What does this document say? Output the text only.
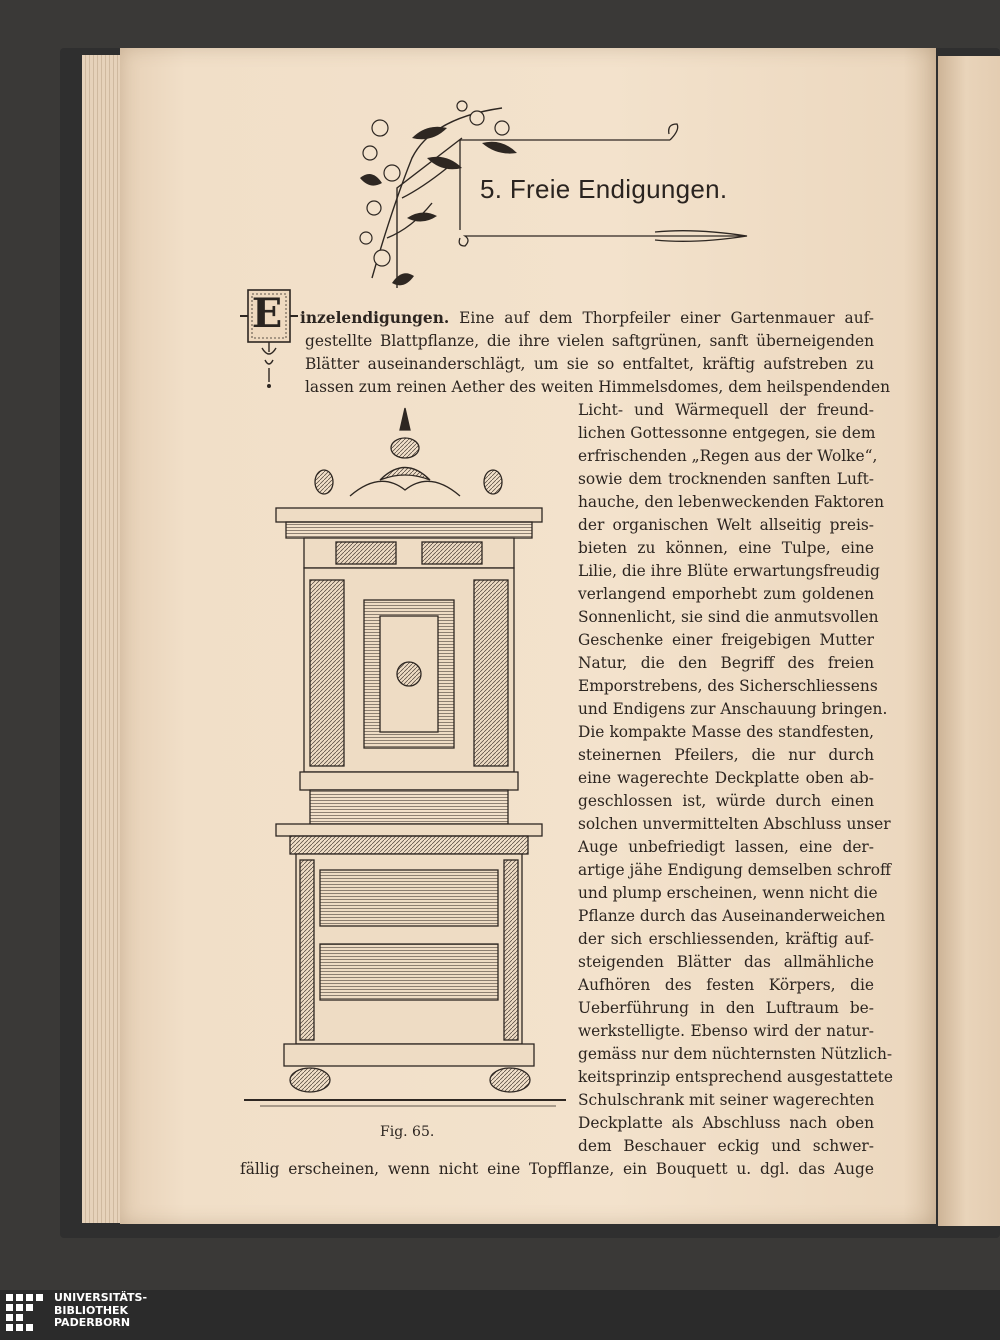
5. Freie Endigungen.
E inzelendigungen. Eine auf dem Thorpfeiler einer Gartenmauer auf-
gestellte Blattpflanze, die ihre vielen saftgrünen, sanft überneigenden
Blätter auseinanderschlägt, um sie so entfaltet, kräftig aufstreben zu
lassen zum reinen Aether des weiten Himmelsdomes, dem heilspendenden
Licht- und Wärmequell der freund-
lichen Gottessonne entgegen, sie dem
erfrischenden „Regen aus der Wolke“,
sowie dem trocknenden sanften Luft-
hauche, den lebenweckenden Faktoren
der organischen Welt allseitig preis-
bieten zu können, eine Tulpe, eine
Lilie, die ihre Blüte erwartungsfreudig
verlangend emporhebt zum goldenen
Sonnenlicht, sie sind die anmutsvollen
Geschenke einer freigebigen Mutter
Natur, die den Begriff des freien
Emporstrebens, des Sicherschliessens
und Endigens zur Anschauung bringen.
Die kompakte Masse des standfesten,
steinernen Pfeilers, die nur durch
eine wagerechte Deckplatte oben ab-
geschlossen ist, würde durch einen
solchen unvermittelten Abschluss unser
Auge unbefriedigt lassen, eine der-
artige jähe Endigung demselben schroff
und plump erscheinen, wenn nicht die
Pflanze durch das Auseinanderweichen
der sich erschliessenden, kräftig auf-
steigenden Blätter das allmähliche
Aufhören des festen Körpers, die
Ueberführung in den Luftraum be-
werkstelligte. Ebenso wird der natur-
gemäss nur dem nüchternsten Nützlich-
keitsprinzip entsprechend ausgestattete
Schulschrank mit seiner wagerechten
Deckplatte als Abschluss nach oben
dem Beschauer eckig und schwer-
fällig erscheinen, wenn nicht eine Topfflanze, ein Bouquett u. dgl. das Auge
Fig. 65.
UNIVERSITÄTS-
BIBLIOTHEK
PADERBORN
